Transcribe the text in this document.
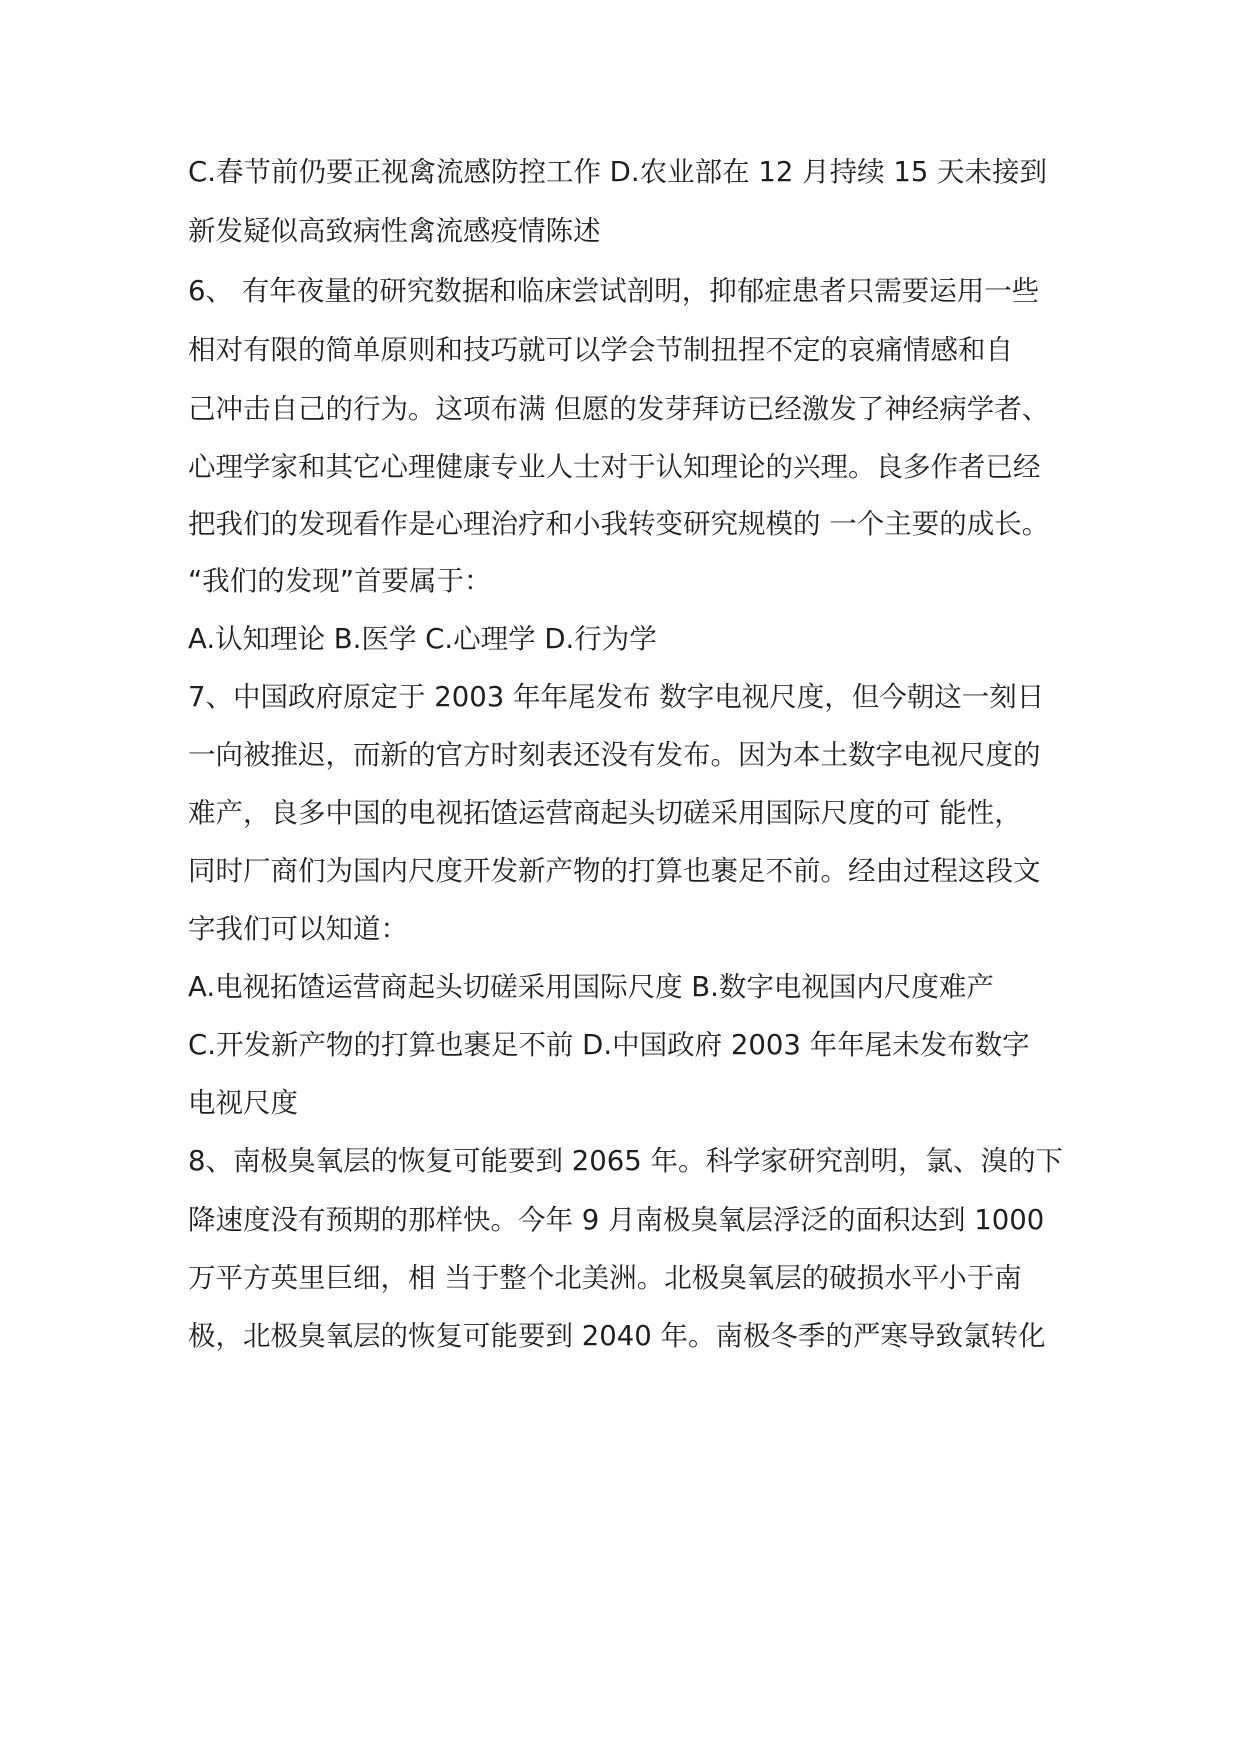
C.春节前仍要正视禽流感防控工作 D.农业部在 12 月持续 15 天未接到

新发疑似高致病性禽流感疫情陈述

6、 有年夜量的研究数据和临床尝试剖明，抑郁症患者只需要运用一些

相对有限的简单原则和技巧就可以学会节制扭捏不定的哀痛情感和自

己冲击自己的行为。这项布满 但愿的发芽拜访已经激发了神经病学者、

心理学家和其它心理健康专业人士对于认知理论的兴理。良多作者已经

把我们的发现看作是心理治疗和小我转变研究规模的 一个主要的成长。

“我们的发现”首要属于：

A.认知理论 B.医学 C.心理学 D.行为学

7、中国政府原定于 2003 年年尾发布 数字电视尺度，但今朝这一刻日

一向被推迟，而新的官方时刻表还没有发布。因为本土数字电视尺度的

难产，良多中国的电视拓馇运营商起头切磋采用国际尺度的可 能性，

同时厂商们为国内尺度开发新产物的打算也裹足不前。经由过程这段文

字我们可以知道：

A.电视拓馇运营商起头切磋采用国际尺度 B.数字电视国内尺度难产

C.开发新产物的打算也裹足不前 D.中国政府 2003 年年尾未发布数字

电视尺度

8、南极臭氧层的恢复可能要到 2065 年。科学家研究剖明，氯、溴的下

降速度没有预期的那样快。今年 9 月南极臭氧层浮泛的面积达到 1000

万平方英里巨细，相 当于整个北美洲。北极臭氧层的破损水平小于南

极，北极臭氧层的恢复可能要到 2040 年。南极冬季的严寒导致氯转化
